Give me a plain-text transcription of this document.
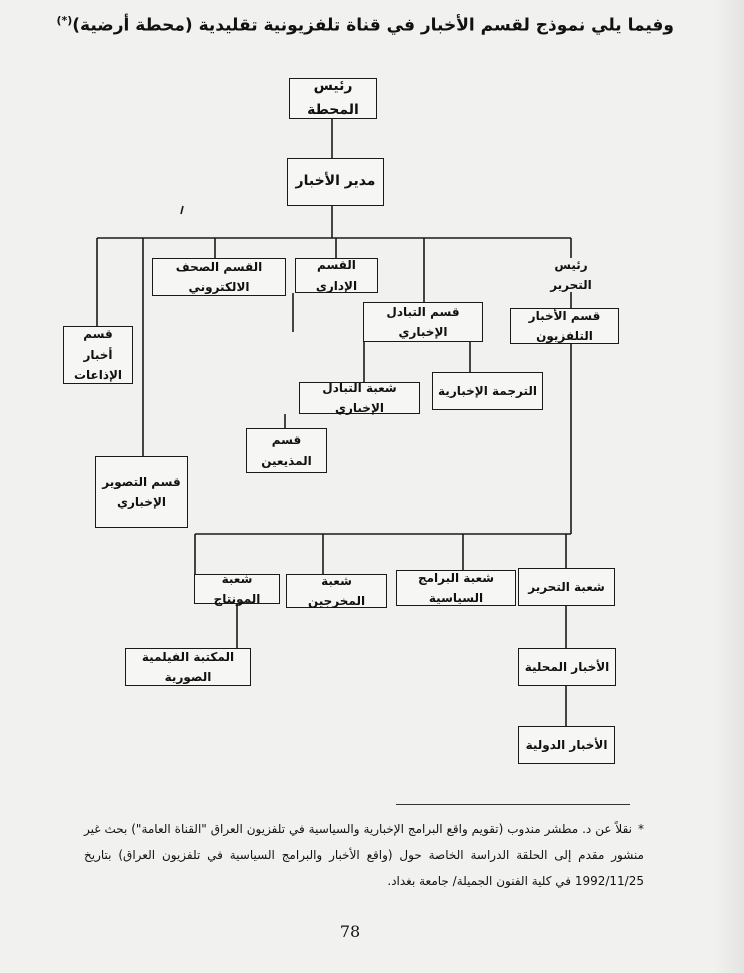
وفيما يلي نموذج لقسم الأخبار في قناة تلفزيونية تقليدية (محطة أرضية)(*)
رئيس المحطة
مدير الأخبار
القسم الصحف الالكتروني
القسم الإداري
رئيس التحرير
قسم أخبار الإذاعات
قسم التبادل الإخباري
قسم الأخبار التلفزيون
الترجمة الإخبارية
شعبة التبادل الإخباري
قسم المذيعين
قسم التصوير الإخباري
شعبة التحرير
شعبة البرامج السياسية
شعبة المخرجين
شعبة المونتاج
المكتبة الفيلمية الصورية
الأخبار المحلية
الأخبار الدولية
*نقلاً عن د. مطشر مندوب (تقويم واقع البرامج الإخبارية والسياسية في تلفزيون العراق "القناة العامة") بحث غير منشور مقدم إلى الحلقة الدراسة الخاصة حول (واقع الأخبار والبرامج السياسية في تلفزيون العراق) بتاريخ 1992/11/25 في كلية الفنون الجميلة/ جامعة بغداد.
78
